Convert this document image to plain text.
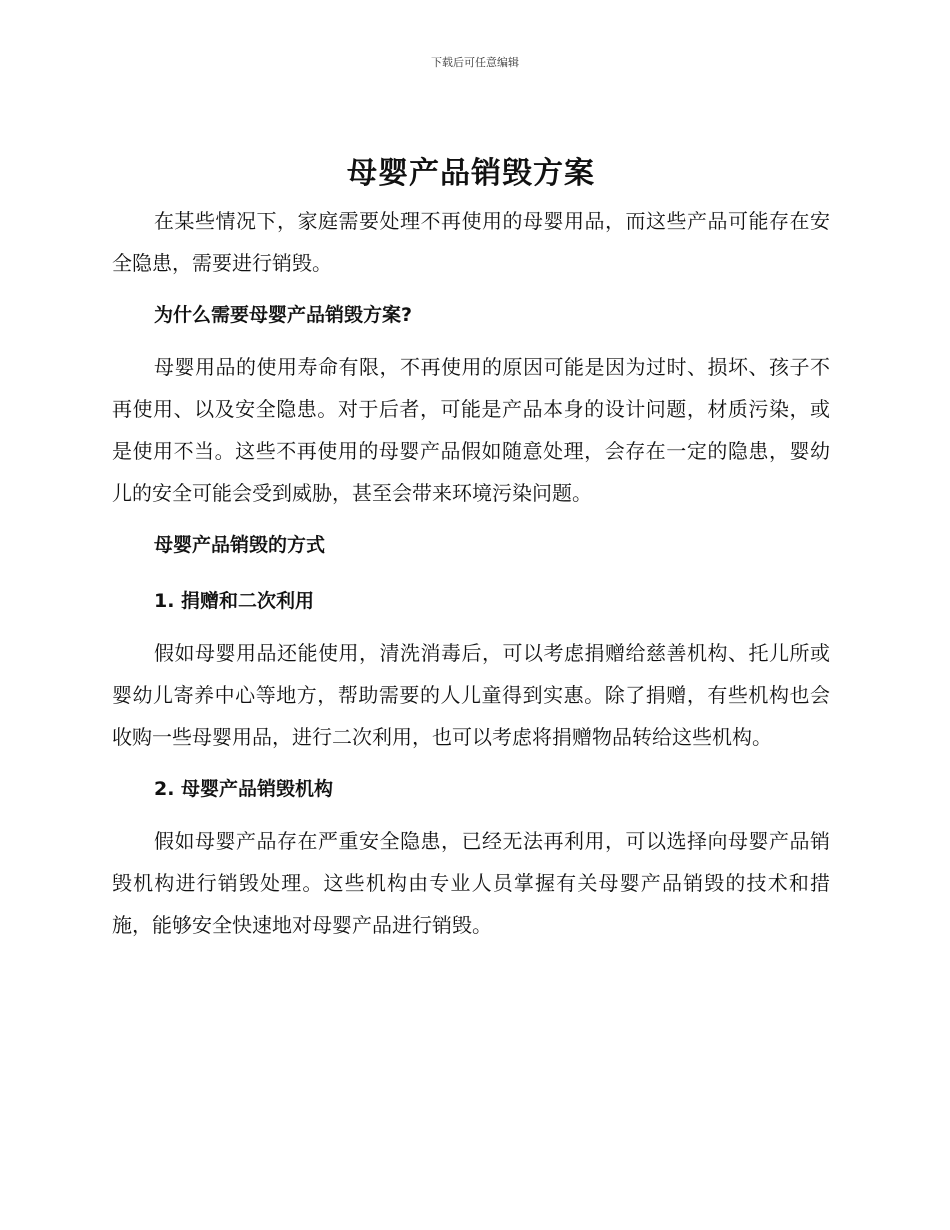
下载后可任意编辑
母婴产品销毁方案

在某些情况下，家庭需要处理不再使用的母婴用品，而这些产品可能存在安全隐患，需要进行销毁。

为什么需要母婴产品销毁方案?

母婴用品的使用寿命有限，不再使用的原因可能是因为过时、损坏、孩子不再使用、以及安全隐患。对于后者，可能是产品本身的设计问题，材质污染，或是使用不当。这些不再使用的母婴产品假如随意处理，会存在一定的隐患，婴幼儿的安全可能会受到威胁，甚至会带来环境污染问题。

母婴产品销毁的方式
1. 捐赠和二次利用

假如母婴用品还能使用，清洗消毒后，可以考虑捐赠给慈善机构、托儿所或婴幼儿寄养中心等地方，帮助需要的人儿童得到实惠。除了捐赠，有些机构也会收购一些母婴用品，进行二次利用，也可以考虑将捐赠物品转给这些机构。

2. 母婴产品销毁机构

假如母婴产品存在严重安全隐患，已经无法再利用，可以选择向母婴产品销毁机构进行销毁处理。这些机构由专业人员掌握有关母婴产品销毁的技术和措施，能够安全快速地对母婴产品进行销毁。
